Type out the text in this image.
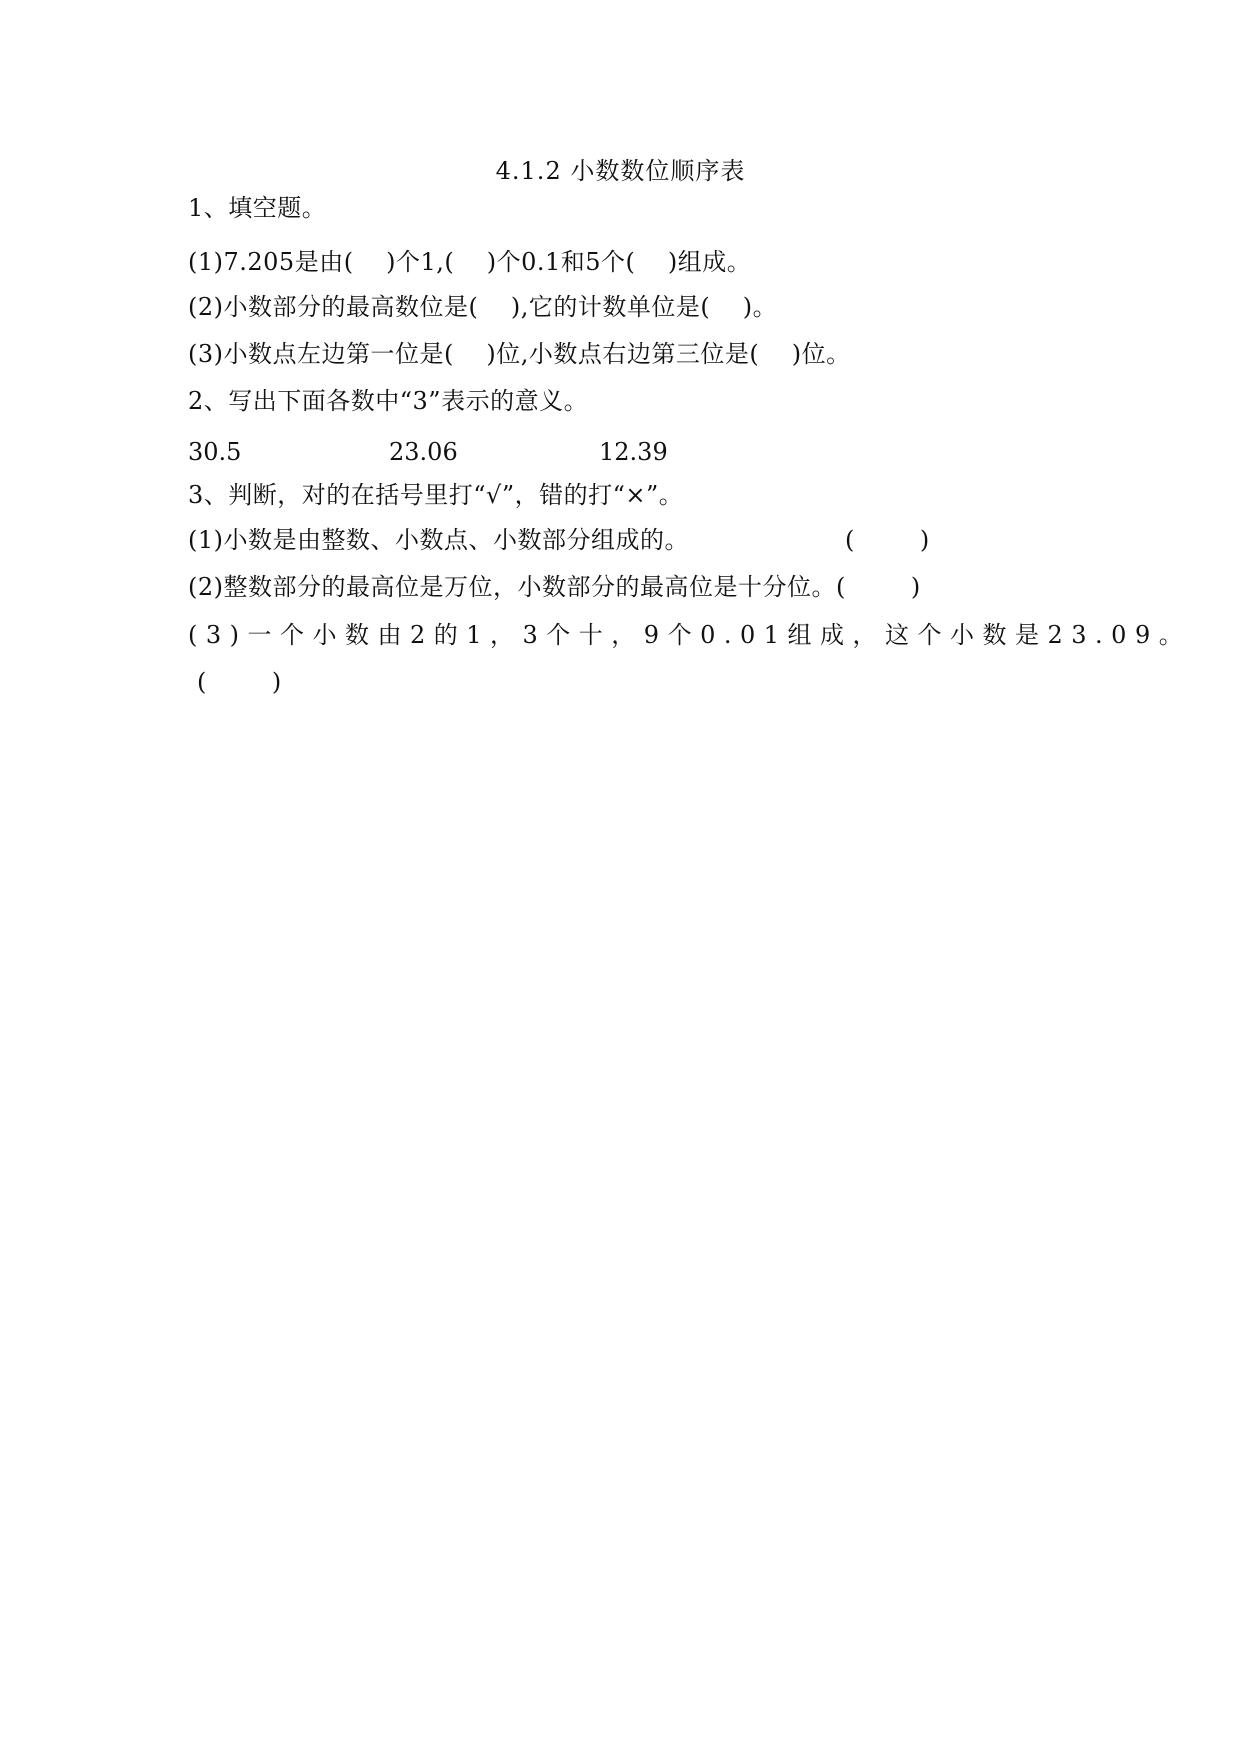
4.1.2 小数数位顺序表
1、填空题。
(1)7.205是由(    )个1,(    )个0.1和5个(    )组成。
(2)小数部分的最高数位是(    ),它的计数单位是(    )。
(3)小数点左边第一位是(    )位,小数点右边第三位是(    )位。
2、写出下面各数中“3”表示的意义。
30.5	23.06	12.39
3、判断，对的在括号里打“√”，错的打“×”。
(1)小数是由整数、小数点、小数部分组成的。	(        )
(2)整数部分的最高位是万位，小数部分的最高位是十分位。(        )
(3)一个小数由2的1，3个十，9个0.01组成，这个小数是23.09。
(        )
